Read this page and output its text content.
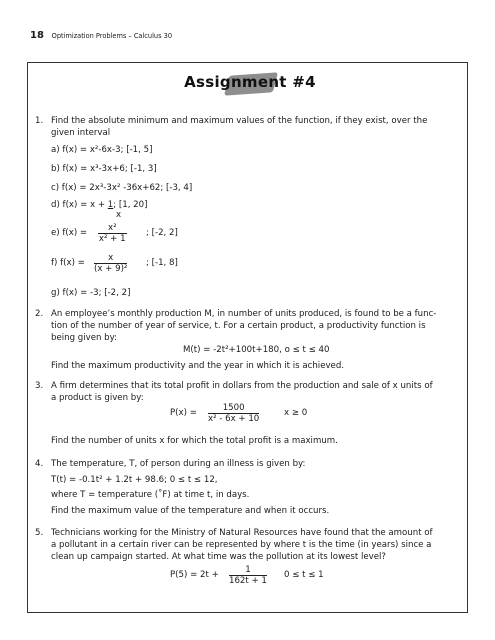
18 Optimization Problems – Calculus 30
Assignment #4
1. Find the absolute minimum and maximum values of the function, if they exist, over the
given interval
a) f(x) = x²-6x-3; [-1, 5]
b) f(x) = x³-3x+6; [-1, 3]
c) f(x) = 2x³-3x² -36x+62; [-3, 4]
d) f(x) = x + 1; [1, 20]
x
e) $f(x) = \frac{\text{x²}}{\text{x² + 1}}$ ; [-2, 2]
f) $f(x) = \frac{x}{\text{(x + 9)²}}$ ; [-1, 8]
g) f(x) = -3; [-2, 2]
2. An employee’s monthly production M, in number of units produced, is found to be a func-
tion of the number of year of service, t. For a certain product, a productivity function is
being given by:
M(t) = -2t²+100t+180, o ≤ t ≤ 40
Find the maximum productivity and the year in which it is achieved.
3. A firm determines that its total profit in dollars from the production and sale of x units of
a product is given by:
$P(x) = \frac{1500}{\text{x² - 6x + 10}}$	x ≥ 0
Find the number of units x for which the total profit is a maximum.
4. The temperature, T, of person during an illness is given by:
T(t) = -0.1t² + 1.2t + 98.6; 0 ≤ t ≤ 12,
where T = temperature (˚F) at time t, in days.
Find the maximum value of the temperature and when it occurs.
5. Technicians working for the Ministry of Natural Resources have found that the amount of
a pollutant in a certain river can be represented by where t is the time (in years) since a
clean up campaign started. At what time was the pollution at its lowest level?
$P(5) = 2t + \frac{1}{162t + 1} 0 \le t \le 1$
